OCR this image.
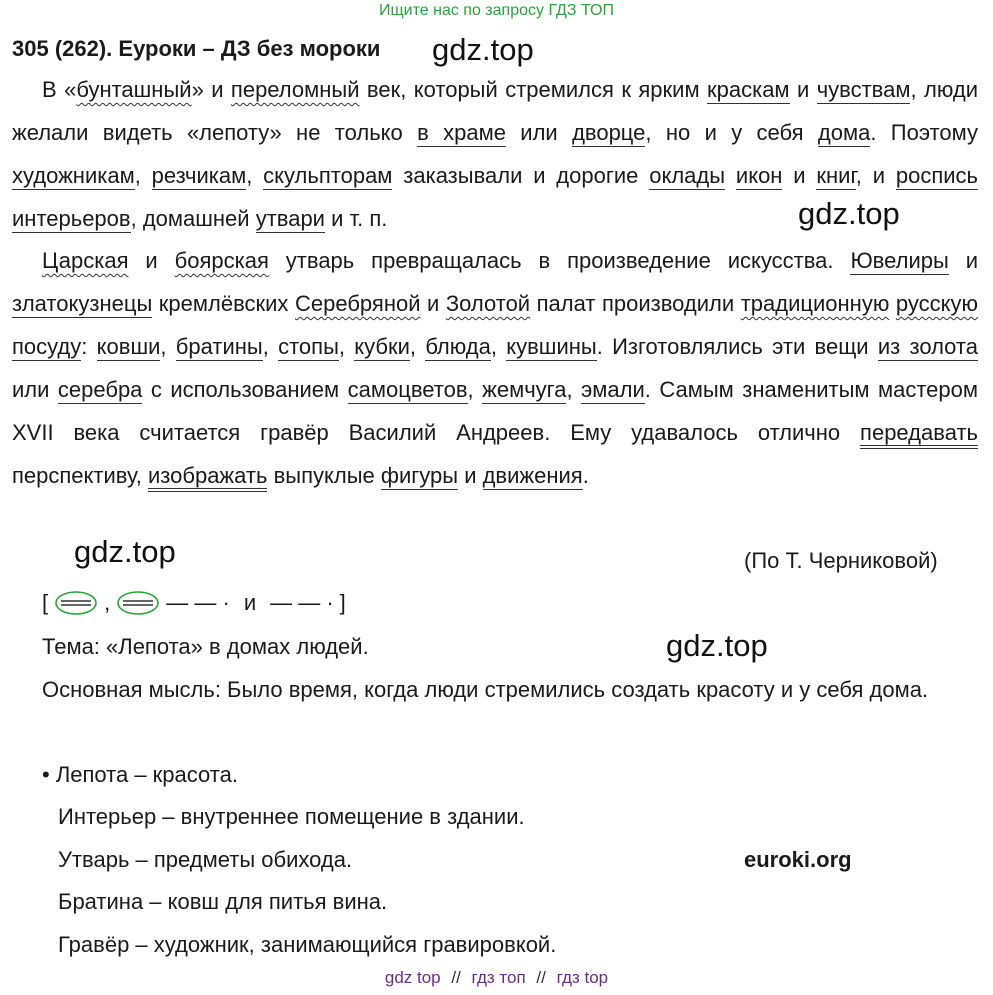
Ищите нас по запросу ГДЗ ТОП
305 (262). Еуроки – ДЗ без мороки gdz.top
В «бунташный» и переломный век, который стремился к ярким краскам и чувствам, люди желали видеть «лепоту» не только в храме или дворце, но и у себя дома. Поэтому художникам, резчикам, скульпторам заказывали и дорогие оклады икон и книг, и роспись интерьеров, домашней утвари и т. п.	gdz.top
Царская и боярская утварь превращалась в произведение искусства. Ювелиры и златокузнецы кремлёвских Серебряной и Золотой палат производили традиционную русскую посуду: ковши, братины, стопы, кубки, блюда, кувшины. Изготовлялись эти вещи из золота или серебра с использованием самоцветов, жемчуга, эмали. Самым знаменитым мастером XVII века считается гравёр Василий Андреев. Ему удавалось отлично передавать перспективу, изображать выпуклые фигуры и движения.
gdz.top	(По Т. Черниковой)
[	,	— — · и — — · ]
Тема: «Лепота» в домах людей.	gdz.top
Основная мысль: Было время, когда люди стремились создать красоту и у себя дома.
• Лепота – красота.
Интерьер – внутреннее помещение в здании.
Утварь – предметы обихода.	euroki.org
Братина – ковш для питья вина.
Гравёр – художник, занимающийся гравировкой.
gdz top // гдз топ // гдз top
